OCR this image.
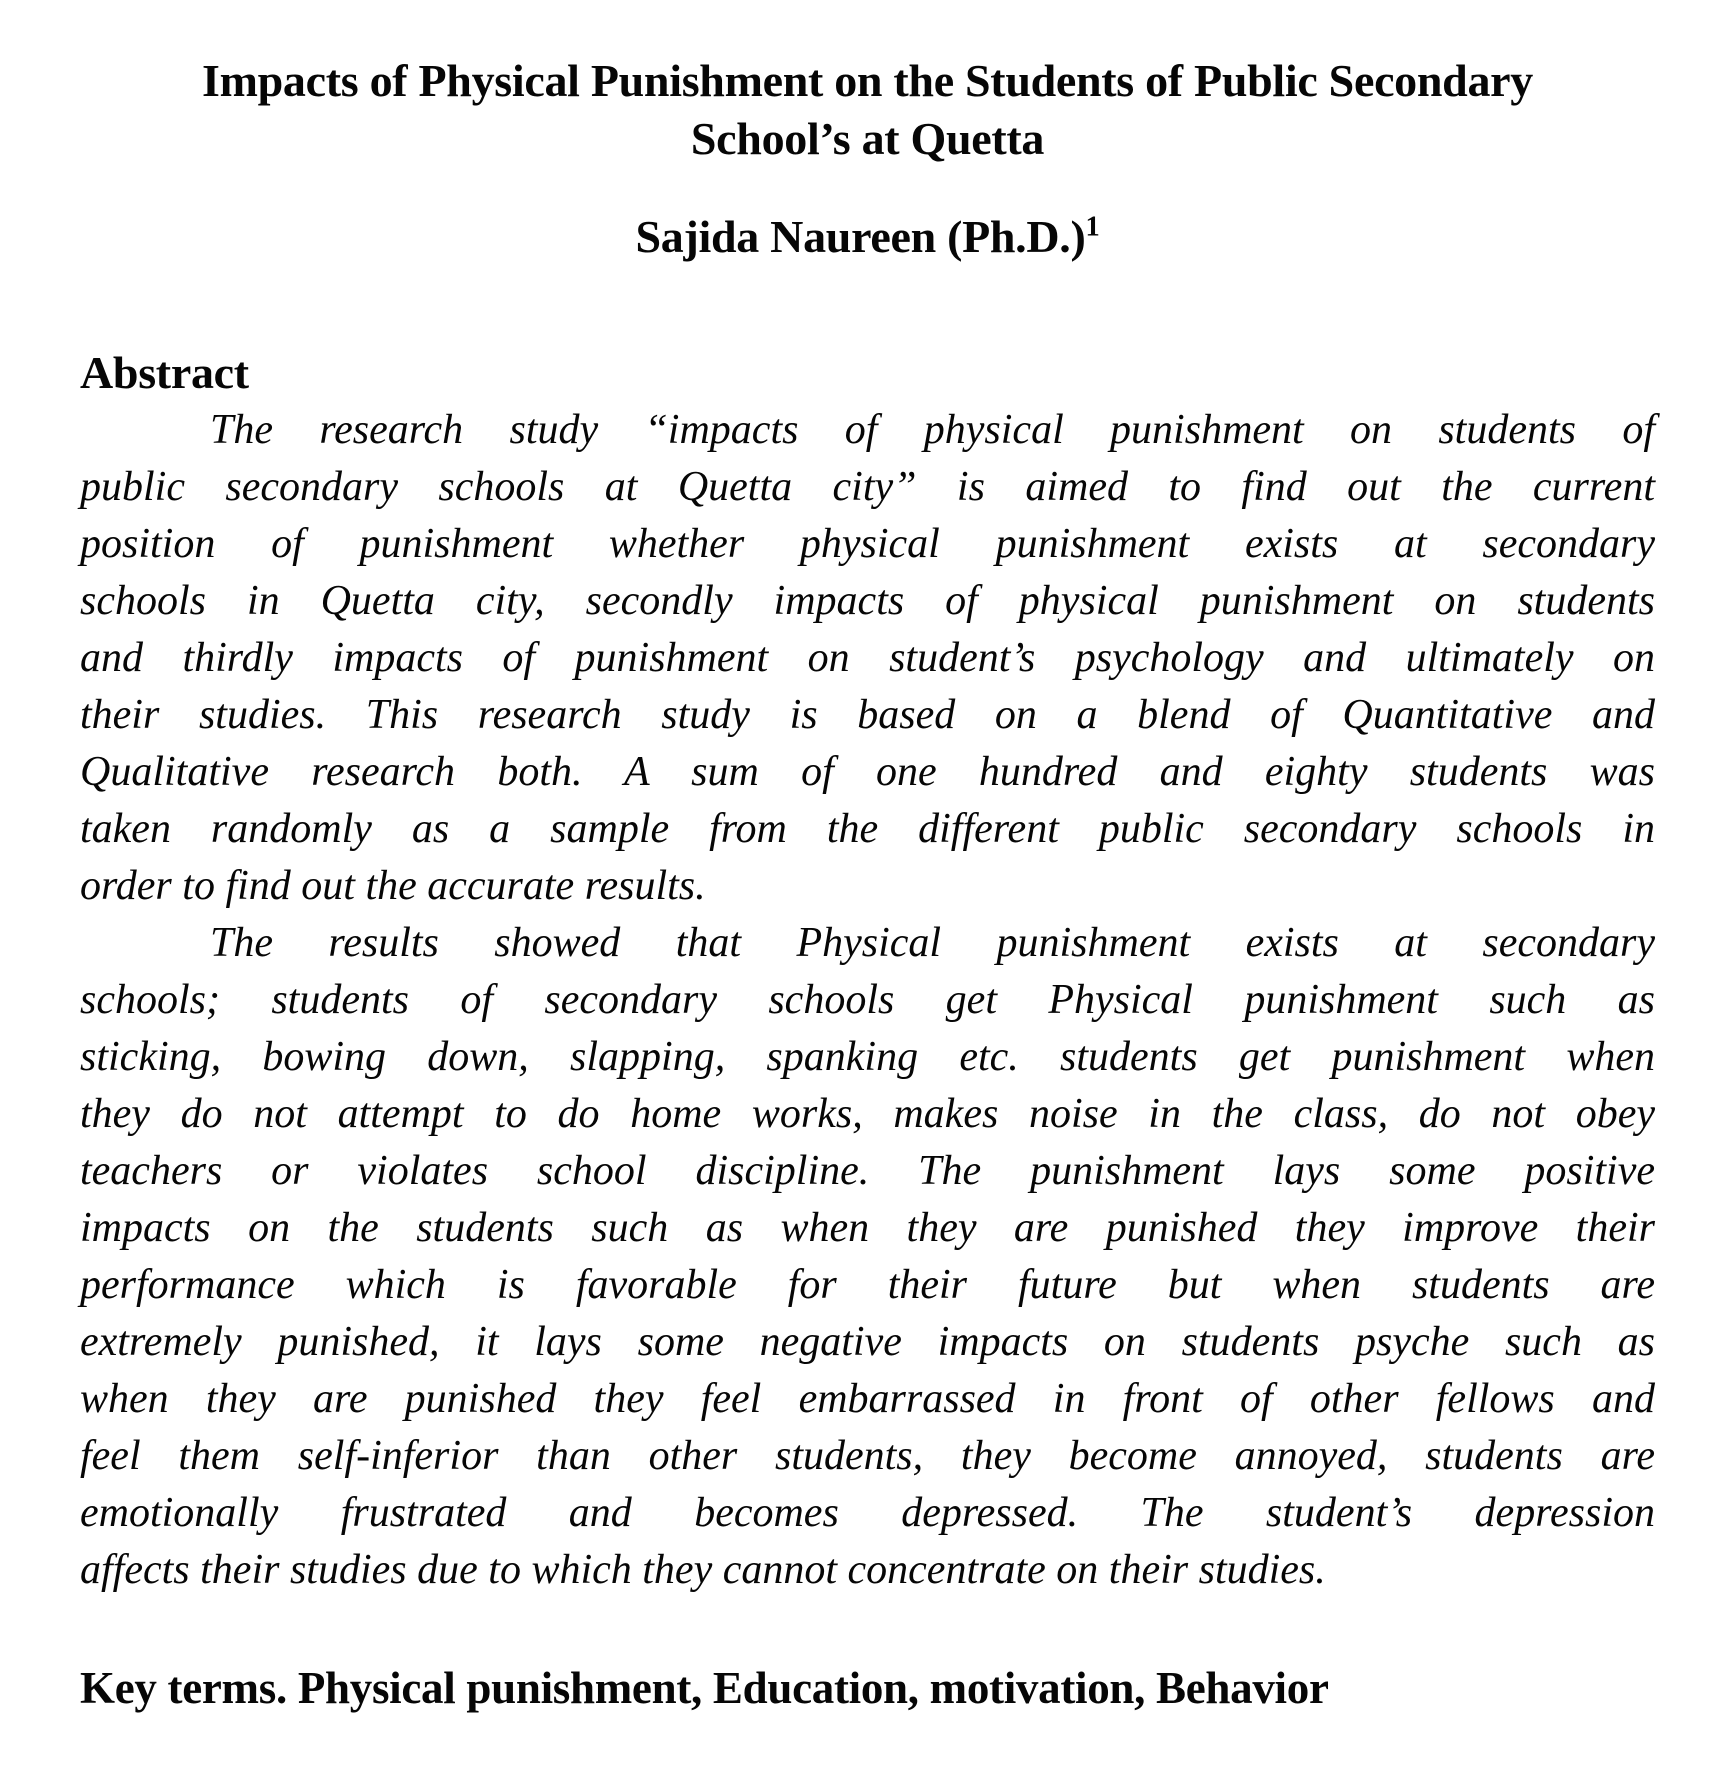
Impacts of Physical Punishment on the Students of Public Secondary
School’s at Quetta
Sajida Naureen $(Ph.D.)^1$
Abstract
The research study “impacts of physical punishment on students of
public secondary schools at Quetta city” is aimed to find out the current
position of punishment whether physical punishment exists at secondary
schools in Quetta city, secondly impacts of physical punishment on students
and thirdly impacts of punishment on student’s psychology and ultimately on
their studies. This research study is based on a blend of Quantitative and
Qualitative research both. A sum of one hundred and eighty students was
taken randomly as a sample from the different public secondary schools in
order to find out the accurate results.
The results showed that Physical punishment exists at secondary
schools; students of secondary schools get Physical punishment such as
sticking, bowing down, slapping, spanking etc. students get punishment when
they do not attempt to do home works, makes noise in the class, do not obey
teachers or violates school discipline. The punishment lays some positive
impacts on the students such as when they are punished they improve their
performance which is favorable for their future but when students are
extremely punished, it lays some negative impacts on students psyche such as
when they are punished they feel embarrassed in front of other fellows and
feel them self-inferior than other students, they become annoyed, students are
emotionally frustrated and becomes depressed. The student’s depression
affects their studies due to which they cannot concentrate on their studies.
Key terms. Physical punishment, Education, motivation, Behavior
